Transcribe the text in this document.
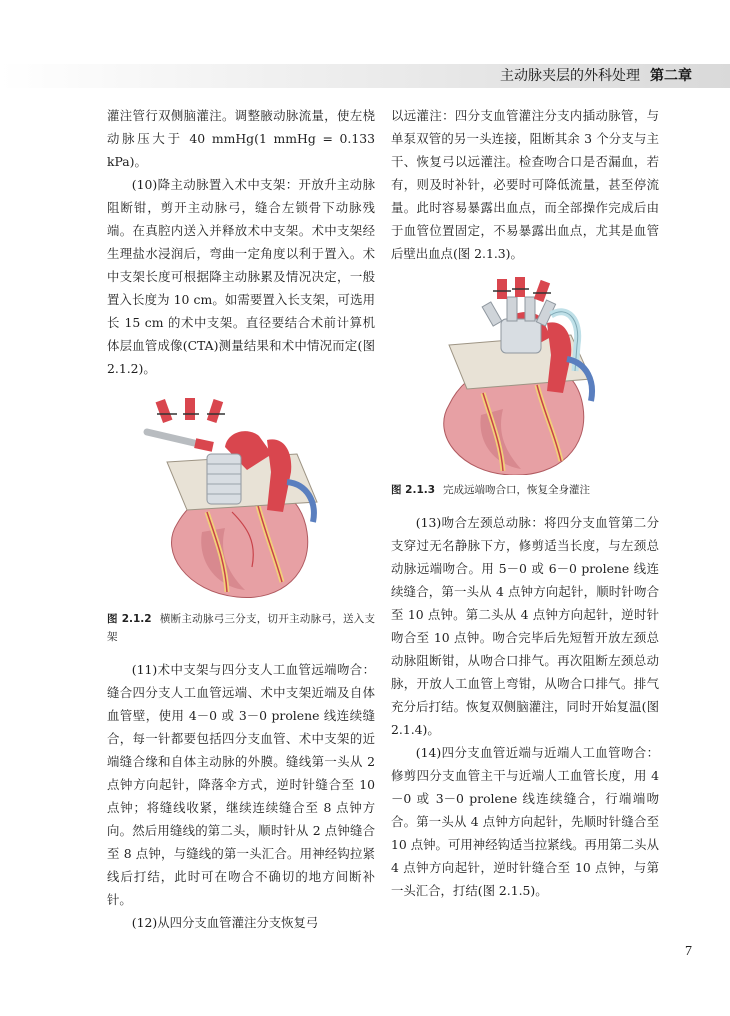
主动脉夹层的外科处理 第二章

灌注管行双侧脑灌注。调整腋动脉流量，使左桡动脉压大于 40 mmHg(1 mmHg = 0.133 kPa)。

(10)降主动脉置入术中支架：开放升主动脉阻断钳，剪开主动脉弓，缝合左锁骨下动脉残端。在真腔内送入并释放术中支架。术中支架经生理盐水浸润后，弯曲一定角度以利于置入。术中支架长度可根据降主动脉累及情况决定，一般置入长度为 10 cm。如需要置入长支架，可选用长 15 cm 的术中支架。直径要结合术前计算机体层血管成像(CTA)测量结果和术中情况而定(图 2.1.2)。

图 2.1.2 横断主动脉弓三分支，切开主动脉弓，送入支架

(11)术中支架与四分支人工血管远端吻合：缝合四分支人工血管远端、术中支架近端及自体血管壁，使用 4－0 或 3－0 prolene 线连续缝合，每一针都要包括四分支血管、术中支架的近端缝合缘和自体主动脉的外膜。缝线第一头从 2 点钟方向起针，降落伞方式，逆时针缝合至 10 点钟；将缝线收紧，继续连续缝合至 8 点钟方向。然后用缝线的第二头，顺时针从 2 点钟缝合至 8 点钟，与缝线的第一头汇合。用神经钩拉紧线后打结，此时可在吻合不确切的地方间断补针。

(12)从四分支血管灌注分支恢复弓

以远灌注：四分支血管灌注分支内插动脉管，与单泵双管的另一头连接，阻断其余 3 个分支与主干、恢复弓以远灌注。检查吻合口是否漏血，若有，则及时补针，必要时可降低流量，甚至停流量。此时容易暴露出血点，而全部操作完成后由于血管位置固定，不易暴露出血点，尤其是血管后壁出血点(图 2.1.3)。

图 2.1.3 完成远端吻合口，恢复全身灌注

(13)吻合左颈总动脉：将四分支血管第二分支穿过无名静脉下方，修剪适当长度，与左颈总动脉远端吻合。用 5－0 或 6－0 prolene 线连续缝合，第一头从 4 点钟方向起针，顺时针吻合至 10 点钟。第二头从 4 点钟方向起针，逆时针吻合至 10 点钟。吻合完毕后先短暂开放左颈总动脉阻断钳，从吻合口排气。再次阻断左颈总动脉，开放人工血管上弯钳，从吻合口排气。排气充分后打结。恢复双侧脑灌注，同时开始复温(图 2.1.4)。

(14)四分支血管近端与近端人工血管吻合：修剪四分支血管主干与近端人工血管长度，用 4－0 或 3－0 prolene 线连续缝合，行端端吻合。第一头从 4 点钟方向起针，先顺时针缝合至 10 点钟。可用神经钩适当拉紧线。再用第二头从 4 点钟方向起针，逆时针缝合至 10 点钟，与第一头汇合，打结(图 2.1.5)。

7
